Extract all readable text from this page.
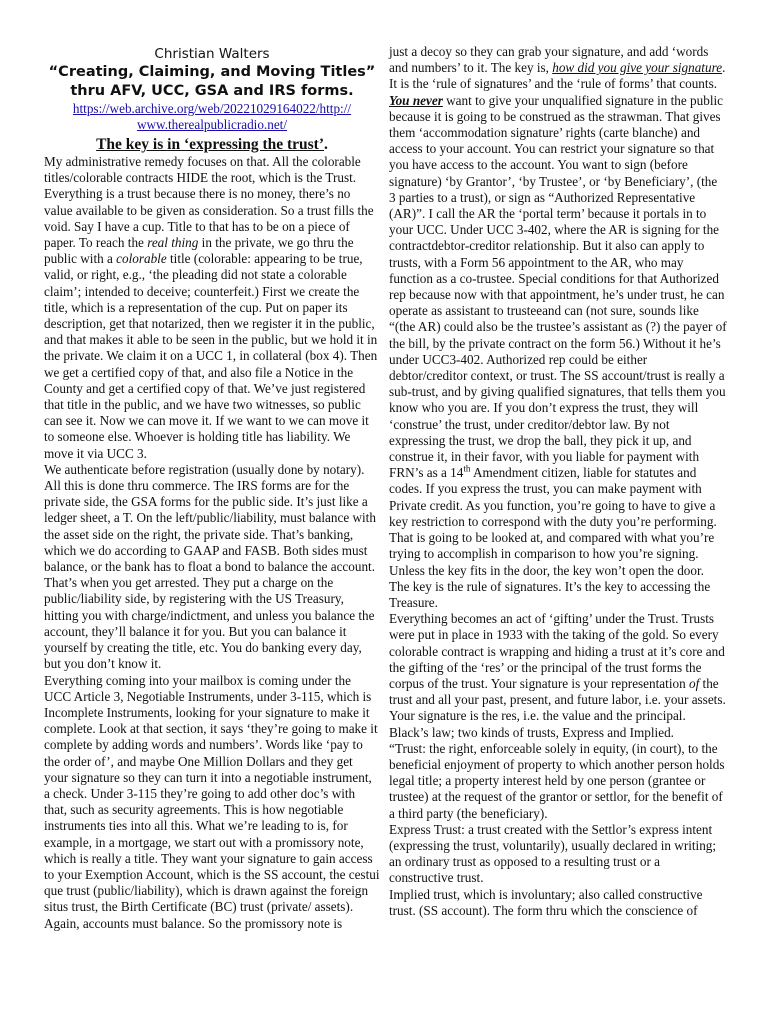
Christian Walters
“Creating, Claiming, and Moving Titles”
thru AFV, UCC, GSA and IRS forms.
https://web.archive.org/web/20221029164022/http://
www.therealpublicradio.net/
The key is in ‘expressing the trust’.

My administrative remedy focuses on that. All the colorable titles/colorable contracts HIDE the root, which is the Trust. Everything is a trust because there is no money, there’s no value available to be given as consideration. So a trust fills the void. Say I have a cup. Title to that has to be on a piece of paper. To reach the real thing in the private, we go thru the public with a colorable title (colorable: appearing to be true, valid, or right, e.g., ‘the pleading did not state a colorable claim’; intended to deceive; counterfeit.) First we create the title, which is a representation of the cup. Put on paper its description, get that notarized, then we register it in the public, and that makes it able to be seen in the public, but we hold it in the private. We claim it on a UCC 1, in collateral (box 4). Then we get a certified copy of that, and also file a Notice in the County and get a certified copy of that. We’ve just registered that title in the public, and we have two witnesses, so public can see it. Now we can move it. If we want to we can move it to someone else. Whoever is holding title has liability. We move it via UCC 3.

We authenticate before registration (usually done by notary). All this is done thru commerce. The IRS forms are for the private side, the GSA forms for the public side. It’s just like a ledger sheet, a T. On the left/public/liability, must balance with the asset side on the right, the private side. That’s banking, which we do according to GAAP and FASB. Both sides must balance, or the bank has to float a bond to balance the account. That’s when you get arrested. They put a charge on the public/liability side, by registering with the US Treasury, hitting you with charge/indictment, and unless you balance the account, they’ll balance it for you. But you can balance it yourself by creating the title, etc. You do banking every day, but you don’t know it.

Everything coming into your mailbox is coming under the UCC Article 3, Negotiable Instruments, under 3-115, which is Incomplete Instruments, looking for your signature to make it complete. Look at that section, it says ‘they’re going to make it complete by adding words and numbers’. Words like ‘pay to the order of’, and maybe One Million Dollars and they get your signature so they can turn it into a negotiable instrument, a check. Under 3-115 they’re going to add other doc’s with that, such as security agreements. This is how negotiable instruments ties into all this. What we’re leading to is, for example, in a mortgage, we start out with a promissory note, which is really a title. They want your signature to gain access to your Exemption Account, which is the SS account, the cestui que trust (public/liability), which is drawn against the foreign situs trust, the Birth Certificate (BC) trust (private/ assets). Again, accounts must balance. So the promissory note is

just a decoy so they can grab your signature, and add ‘words and numbers’ to it. The key is, how did you give your signature. It is the ‘rule of signatures’ and the ‘rule of forms’ that counts. You never want to give your unqualified signature in the public because it is going to be construed as the strawman. That gives them ‘accommodation signature’ rights (carte blanche) and access to your account. You can restrict your signature so that you have access to the account. You want to sign (before signature) ‘by Grantor’, ‘by Trustee’, or ‘by Beneficiary’, (the 3 parties to a trust), or sign as “Authorized Representative (AR)”. I call the AR the ‘portal term’ because it portals in to your UCC. Under UCC 3-402, where the AR is signing for the contractdebtor-creditor relationship. But it also can apply to trusts, with a Form 56 appointment to the AR, who may function as a co-trustee. Special conditions for that Authorized rep because now with that appointment, he’s under trust, he can operate as assistant to trusteeand can (not sure, sounds like “(the AR) could also be the trustee’s assistant as (?) the payer of the bill, by the private contract on the form 56.) Without it he’s under UCC3-402. Authorized rep could be either debtor/creditor context, or trust. The SS account/trust is really a sub-trust, and by giving qualified signatures, that tells them you know who you are. If you don’t express the trust, they will ‘construe’ the trust, under creditor/debtor law. By not expressing the trust, we drop the ball, they pick it up, and construe it, in their favor, with you liable for payment with FRN’s as a 14th Amendment citizen, liable for statutes and codes. If you express the trust, you can make payment with Private credit. As you function, you’re going to have to give a key restriction to correspond with the duty you’re performing. That is going to be looked at, and compared with what you’re trying to accomplish in comparison to how you’re signing. Unless the key fits in the door, the key won’t open the door. The key is the rule of signatures. It’s the key to accessing the Treasure.

Everything becomes an act of ‘gifting’ under the Trust. Trusts were put in place in 1933 with the taking of the gold. So every colorable contract is wrapping and hiding a trust at it’s core and the gifting of the ‘res’ or the principal of the trust forms the corpus of the trust. Your signature is your representation of the trust and all your past, present, and future labor, i.e. your assets. Your signature is the res, i.e. the value and the principal.

Black’s law; two kinds of trusts, Express and Implied.

“Trust: the right, enforceable solely in equity, (in court), to the beneficial enjoyment of property to which another person holds legal title; a property interest held by one person (grantee or trustee) at the request of the grantor or settlor, for the benefit of a third party (the beneficiary).

Express Trust: a trust created with the Settlor’s express intent (expressing the trust, voluntarily), usually declared in writing; an ordinary trust as opposed to a resulting trust or a constructive trust.

Implied trust, which is involuntary; also called constructive trust. (SS account). The form thru which the conscience of
